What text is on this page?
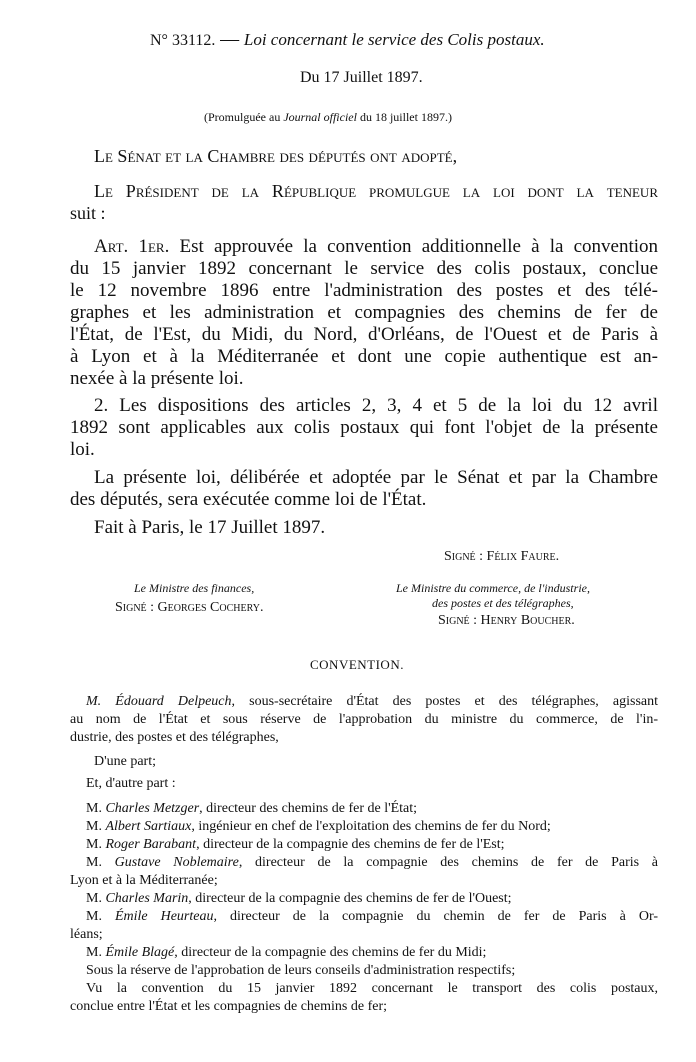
N° 33112. — Loi concernant le service des Colis postaux.
Du 17 Juillet 1897.
(Promulguée au Journal officiel du 18 juillet 1897.)
Le Sénat et la Chambre des députés ont adopté,
Le Président de la République promulgue la loi dont la teneur
suit :
Art. 1er. Est approuvée la convention additionnelle à la convention
du 15 janvier 1892 concernant le service des colis postaux, conclue
le 12 novembre 1896 entre l'administration des postes et des télé-
graphes et les administration et compagnies des chemins de fer de
l'État, de l'Est, du Midi, du Nord, d'Orléans, de l'Ouest et de Paris à
à Lyon et à la Méditerranée et dont une copie authentique est an-
nexée à la présente loi.
2. Les dispositions des articles 2, 3, 4 et 5 de la loi du 12 avril
1892 sont applicables aux colis postaux qui font l'objet de la présente
loi.
La présente loi, délibérée et adoptée par le Sénat et par la Chambre
des députés, sera exécutée comme loi de l'État.
Fait à Paris, le 17 Juillet 1897.
Signé : Félix Faure.
Le Ministre des finances,
Signé : Georges Cochery.
Le Ministre du commerce, de l'industrie,
des postes et des télégraphes,
Signé : Henry Boucher.
CONVENTION.
M. Édouard Delpeuch, sous-secrétaire d'État des postes et des télégraphes, agissant
au nom de l'État et sous réserve de l'approbation du ministre du commerce, de l'in-
dustrie, des postes et des télégraphes,
D'une part;
Et, d'autre part :
M. Charles Metzger, directeur des chemins de fer de l'État;
M. Albert Sartiaux, ingénieur en chef de l'exploitation des chemins de fer du Nord;
M. Roger Barabant, directeur de la compagnie des chemins de fer de l'Est;
M. Gustave Noblemaire, directeur de la compagnie des chemins de fer de Paris à
Lyon et à la Méditerranée;
M. Charles Marin, directeur de la compagnie des chemins de fer de l'Ouest;
M. Émile Heurteau, directeur de la compagnie du chemin de fer de Paris à Or-
léans;
M. Émile Blagé, directeur de la compagnie des chemins de fer du Midi;
Sous la réserve de l'approbation de leurs conseils d'administration respectifs;
Vu la convention du 15 janvier 1892 concernant le transport des colis postaux,
conclue entre l'État et les compagnies de chemins de fer;
